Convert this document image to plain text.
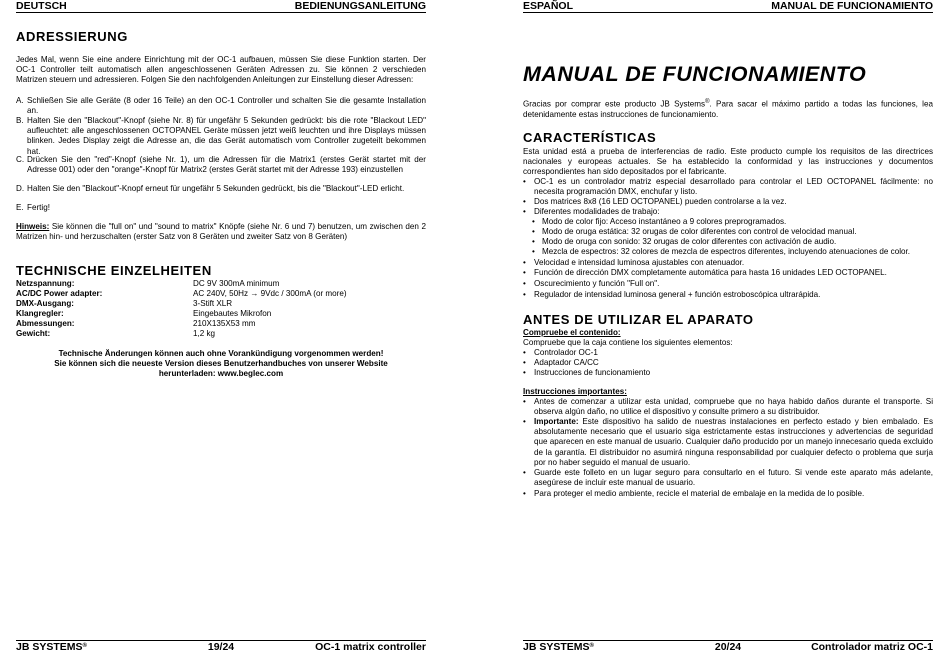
DEUTSCH	BEDIENUNGSANLEITUNG
ADRESSIERUNG
Jedes Mal, wenn Sie eine andere Einrichtung mit der OC-1 aufbauen, müssen Sie diese Funktion starten. Der OC-1 Controller teilt automatisch allen angeschlossenen Geräten Adressen zu. Sie können 2 verschieden Matrizen steuern und adressieren. Folgen Sie den nachfolgenden Anleitungen zur Einstellung dieser Adressen:
A. Schließen Sie alle Geräte (8 oder 16 Teile) an den OC-1 Controller und schalten Sie die gesamte Installation an.
B. Halten Sie den "Blackout"-Knopf (siehe Nr. 8) für ungefähr 5 Sekunden gedrückt: bis die rote "Blackout LED" aufleuchtet: alle angeschlossenen OCTOPANEL Geräte müssen jetzt weiß leuchten und ihre Displays müssen blinken. Jedes Display zeigt die Adresse an, die das Gerät automatisch vom Controller zugeteilt bekommen hat.
C. Drücken Sie den "red"-Knopf (siehe Nr. 1), um die Adressen für die Matrix1 (erstes Gerät startet mit der Adresse 001) oder den "orange"-Knopf für Matrix2 (erstes Gerät startet mit der Adresse 193) einzustellen
D. Halten Sie den "Blackout"-Knopf erneut für ungefähr 5 Sekunden gedrückt, bis die "Blackout"-LED erlicht.
E. Fertig!
Hinweis: Sie können die "full on" und "sound to matrix" Knöpfe (siehe Nr. 6 und 7) benutzen, um zwischen den 2 Matrizen hin- und herzuschalten (erster Satz von 8 Geräten und zweiter Satz von 8 Geräten)
TECHNISCHE EINZELHEITEN
Netzspannung:	DC 9V 300mA minimum
AC/DC Power adapter:	AC 240V, 50Hz → 9Vdc / 300mA (or more)
DMX-Ausgang:	3-Stift XLR
Klangregler:	Eingebautes Mikrofon
Abmessungen:	210X135X53 mm
Gewicht:	1,2 kg
Technische Änderungen können auch ohne Vorankündigung vorgenommen werden!
Sie können sich die neueste Version dieses Benutzerhandbuches von unserer Website
herunterladen: www.beglec.com
JB SYSTEMS®	19/24	OC-1 matrix controller
ESPAÑOL	MANUAL DE FUNCIONAMIENTO
MANUAL DE FUNCIONAMIENTO
Gracias por comprar este producto JB Systems®. Para sacar el máximo partido a todas las funciones, lea detenidamente estas instrucciones de funcionamiento.
CARACTERÍSTICAS
Esta unidad está a prueba de interferencias de radio. Este producto cumple los requisitos de las directrices nacionales y europeas actuales. Se ha establecido la conformidad y las instrucciones y documentos correspondientes han sido depositados por el fabricante.
• OC-1 es un controlador matriz especial desarrollado para controlar el LED OCTOPANEL fácilmente: no necesita programación DMX, enchufar y listo.
• Dos matrices 8x8 (16 LED OCTOPANEL) pueden controlarse a la vez.
• Diferentes modalidades de trabajo:
• Modo de color fijo: Acceso instantáneo a 9 colores preprogramados.
• Modo de oruga estática: 32 orugas de color diferentes con control de velocidad manual.
• Modo de oruga con sonido: 32 orugas de color diferentes con activación de audio.
• Mezcla de espectros: 32 colores de mezcla de espectros diferentes, incluyendo atenuaciones de color.
• Velocidad e intensidad luminosa ajustables con atenuador.
• Función de dirección DMX completamente automática para hasta 16 unidades LED OCTOPANEL.
• Oscurecimiento y función "Full on".
• Regulador de intensidad luminosa general + función estroboscópica ultrarápida.
ANTES DE UTILIZAR EL APARATO
Compruebe el contenido:
Compruebe que la caja contiene los siguientes elementos:
• Controlador OC-1
• Adaptador CA/CC
• Instrucciones de funcionamiento
Instrucciones importantes:
• Antes de comenzar a utilizar esta unidad, compruebe que no haya habido daños durante el transporte. Si observa algún daño, no utilice el dispositivo y consulte primero a su distribuidor.
• Importante: Este dispositivo ha salido de nuestras instalaciones en perfecto estado y bien embalado. Es absolutamente necesario que el usuario siga estrictamente estas instrucciones y advertencias de seguridad que aparecen en este manual de usuario. Cualquier daño producido por un manejo innecesario queda excluido de la garantía. El distribuidor no asumirá ninguna responsabilidad por cualquier defecto o problema que surja por no haber seguido el manual de usuario.
• Guarde este folleto en un lugar seguro para consultarlo en el futuro. Si vende este aparato más adelante, asegúrese de incluir este manual de usuario.
• Para proteger el medio ambiente, recicle el material de embalaje en la medida de lo posible.
JB SYSTEMS®	20/24	Controlador matriz OC-1
